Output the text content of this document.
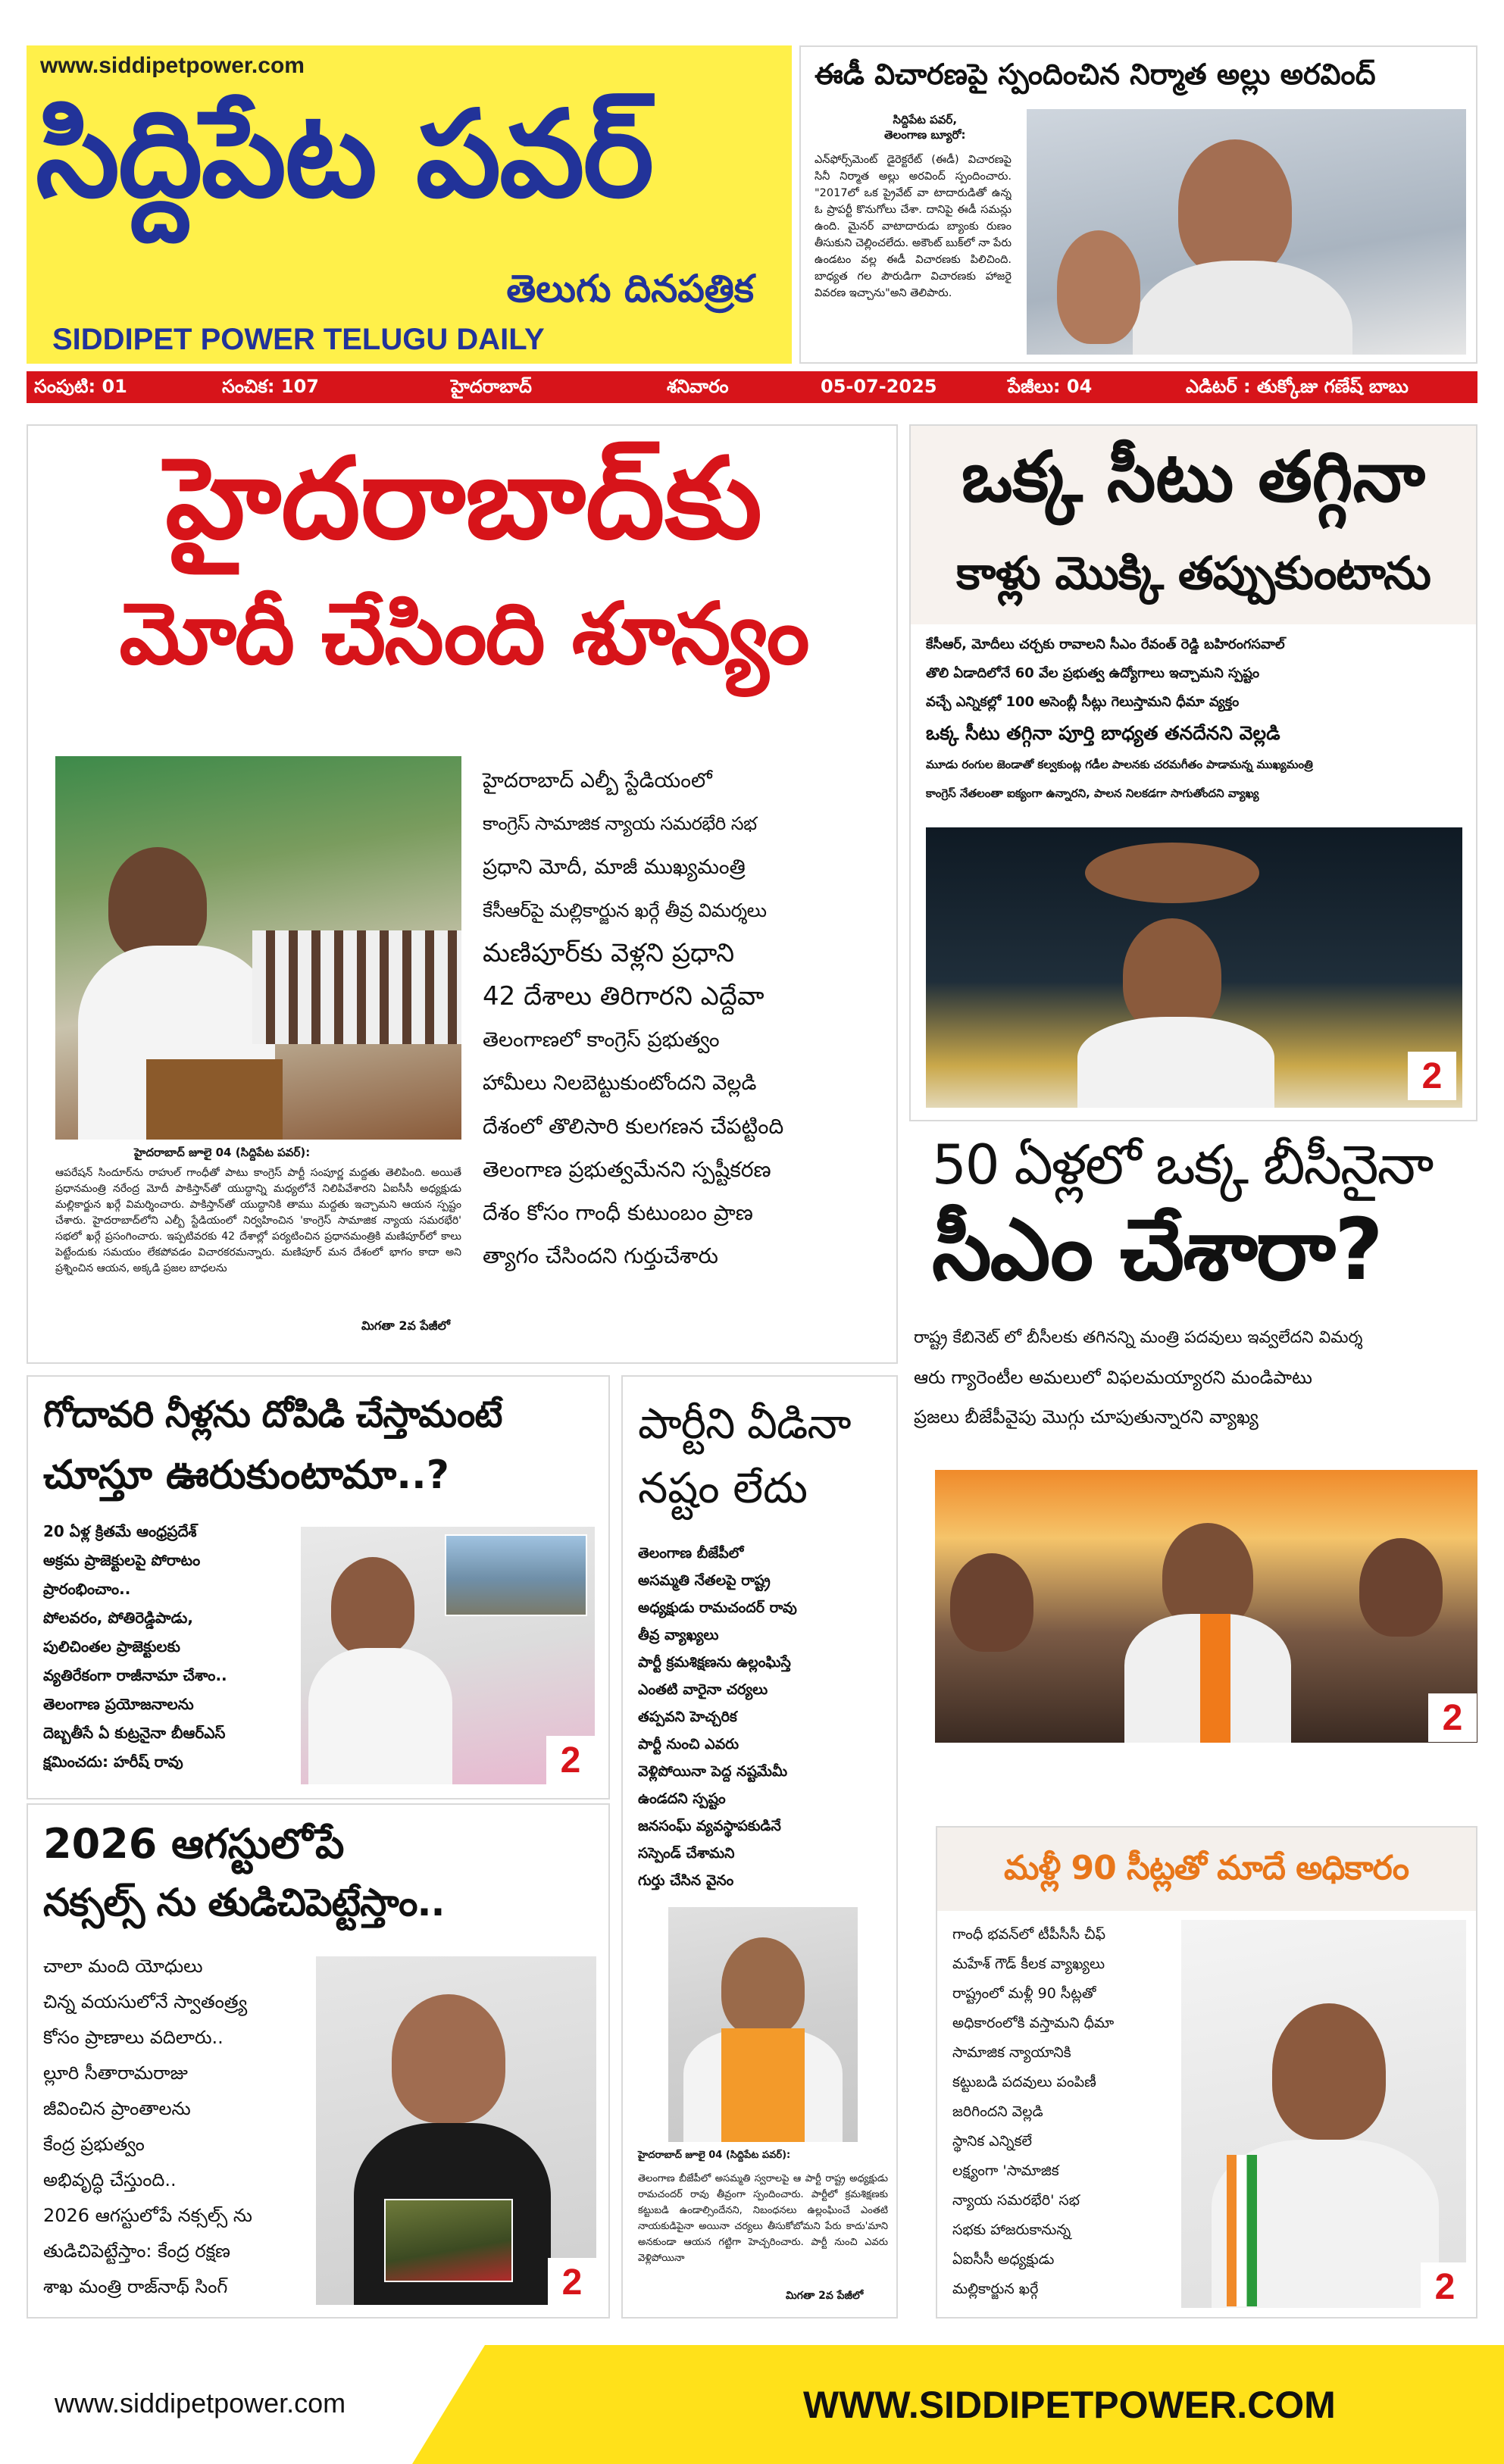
www.siddipetpower.com
సిద్దిపేట పవర్
తెలుగు దినపత్రిక
SIDDIPET POWER TELUGU DAILY
ఈడీ విచారణపై స్పందించిన నిర్మాత అల్లు అరవింద్
సిద్దిపేట పవర్,
తెలంగాణ బ్యూరో:
ఎన్‌ఫోర్స్‌మెంట్ డైరెక్టరేట్ (ఈడీ) విచారణపై సినీ నిర్మాత అల్లు అరవింద్ స్పందించారు. "2017లో ఒక ప్రైవేట్ వా టాదారుడితో ఉన్న ఓ ప్రాపర్టీ కొనుగోలు చేశా. దానిపై ఈడీ సమన్లు ఉంది. మైనర్ వాటాదారుడు బ్యాంకు రుణం తీసుకుని చెల్లించలేదు. అకౌంట్ బుక్‌లో నా పేరు ఉండటం వల్ల ఈడీ విచారణకు పిలిచింది. బాధ్యత గల పౌరుడిగా విచారణకు హాజరై వివరణ ఇచ్చాను"అని తెలిపారు.
సంపుటి: 01	సంచిక: 107	హైదరాబాద్	శనివారం	05-07-2025	పేజీలు: 04	ఎడిటర్ : తుక్కోజు గణేష్ బాబు
హైదరాబాద్‌కు
మోదీ చేసింది శూన్యం
హైదరాబాద్ ఎల్బీ స్టేడియంలో
కాంగ్రెస్ సామాజిక న్యాయ సమరభేరి సభ
ప్రధాని మోదీ, మాజీ ముఖ్యమంత్రి
కేసీఆర్‌పై మల్లికార్జున ఖర్గే తీవ్ర విమర్శలు
మణిపూర్‌కు వెళ్లని ప్రధాని
42 దేశాలు తిరిగారని ఎద్దేవా
తెలంగాణలో కాంగ్రెస్ ప్రభుత్వం
హామీలు నిలబెట్టుకుంటోందని వెల్లడి
దేశంలో తొలిసారి కులగణన చేపట్టింది
తెలంగాణ ప్రభుత్వమేనని స్పష్టీకరణ
దేశం కోసం గాంధీ కుటుంబం ప్రాణ
త్యాగం చేసిందని గుర్తుచేశారు
హైదరాబాద్ జూలై 04 (సిద్దిపేట పవర్):
ఆపరేషన్ సిందూర్‌ను రాహుల్ గాంధీతో పాటు కాంగ్రెస్ పార్టీ సంపూర్ణ మద్దతు తెలిపింది. అయితే ప్రధానమంత్రి నరేంద్ర మోదీ పాకిస్తాన్‌తో యుద్ధాన్ని మధ్యలోనే నిలిపివేశారని ఏఐసీసీ అధ్యక్షుడు మల్లికార్జున ఖర్గే విమర్శించారు. పాకిస్తాన్‌తో యుద్ధానికి తాము మద్దతు ఇచ్చామని ఆయన స్పష్టం చేశారు. హైదరాబాద్‌లోని ఎల్బీ స్టేడియంలో నిర్వహించిన 'కాంగ్రెస్ సామాజిక న్యాయ సమరభేరి' సభలో ఖర్గే ప్రసంగించారు. ఇప్పటివరకు 42 దేశాల్లో పర్యటించిన ప్రధానమంత్రికి మణిపూర్‌లో కాలు పెట్టేందుకు సమయం లేకపోవడం విచారకరమన్నారు. మణిపూర్ మన దేశంలో భాగం కాదా అని ప్రశ్నించిన ఆయన, అక్కడి ప్రజల బాధలను
మిగతా 2వ పేజీలో
ఒక్క సీటు తగ్గినా
కాళ్లు మొక్కి తప్పుకుంటాను
కేసీఆర్, మోదీలు చర్చకు రావాలని సీఎం రేవంత్ రెడ్డి బహిరంగసవాల్
తొలి ఏడాదిలోనే 60 వేల ప్రభుత్వ ఉద్యోగాలు ఇచ్చామని స్పష్టం
వచ్చే ఎన్నికల్లో 100 అసెంబ్లీ సీట్లు గెలుస్తామని ధీమా వ్యక్తం
ఒక్క సీటు తగ్గినా పూర్తి బాధ్యత తనదేనని వెల్లడి
మూడు రంగుల జెండాతో కల్వకుంట్ల గడీల పాలనకు చరమగీతం పాడామన్న ముఖ్యమంత్రి
కాంగ్రెస్ నేతలంతా ఐక్యంగా ఉన్నారని, పాలన నిలకడగా సాగుతోందని వ్యాఖ్య
2
50 ఏళ్లలో ఒక్క బీసీనైనా
సీఎం చేశారా?
రాష్ట్ర కేబినెట్ లో బీసీలకు తగినన్ని మంత్రి పదవులు ఇవ్వలేదని విమర్శ
ఆరు గ్యారెంటీల అమలులో విఫలమయ్యారని మండిపాటు
ప్రజలు బీజేపీవైపు మొగ్గు చూపుతున్నారని వ్యాఖ్య
2
గోదావరి నీళ్లను దోపిడి చేస్తామంటే
చూస్తూ ఊరుకుంటామా..?
20 ఏళ్ల క్రితమే ఆంధ్రప్రదేశ్
అక్రమ ప్రాజెక్టులపై పోరాటం
ప్రారంభించాం..
పోలవరం, పోతిరెడ్డిపాడు,
పులిచింతల ప్రాజెక్టులకు
వ్యతిరేకంగా రాజీనామా చేశాం..
తెలంగాణ ప్రయోజనాలను
దెబ్బతీసే ఏ కుట్రనైనా బీఆర్ఎస్
క్షమించదు: హరీష్ రావు	2
2026 ఆగస్టులోపే
నక్సల్స్ ను తుడిచిపెట్టేస్తాం..
చాలా మంది యోధులు
చిన్న వయసులోనే స్వాతంత్ర్య
కోసం ప్రాణాలు వదిలారు..
ల్లూరి సీతారామరాజు
జీవించిన ప్రాంతాలను
కేంద్ర ప్రభుత్వం
అభివృద్ధి చేస్తుంది..
2026 ఆగస్టులోపే నక్సల్స్ ను
తుడిచిపెట్టేస్తాం: కేంద్ర రక్షణ
శాఖ మంత్రి రాజ్‌నాథ్ సింగ్	2
పార్టీని వీడినా
నష్టం లేదు
తెలంగాణ బీజేపీలో
అసమ్మతి నేతలపై రాష్ట్ర
అధ్యక్షుడు రామచందర్ రావు
తీవ్ర వ్యాఖ్యలు
పార్టీ క్రమశిక్షణను ఉల్లంఘిస్తే
ఎంతటి వారైనా చర్యలు
తప్పవని హెచ్చరిక
పార్టీ నుంచి ఎవరు
వెళ్లిపోయినా పెద్ద నష్టమేమీ
ఉండదని స్పష్టం
జనసంఘ్ వ్యవస్థాపకుడినే
సస్పెండ్ చేశామని
గుర్తు చేసిన వైనం
హైదరాబాద్ జూలై 04 (సిద్దిపేట పవర్):
తెలంగాణ బీజేపీలో అసమ్మతి స్వరాలపై ఆ పార్టీ రాష్ట్ర అధ్యక్షుడు రామచందర్ రావు తీవ్రంగా స్పందించారు. పార్టీలో క్రమశిక్షణకు కట్టుబడి ఉండాల్సిందేనని, నిబంధనలు ఉల్లంఘించే ఎంతటి నాయకుడిపైనా అయినా చర్యలు తీసుకోబోమని పేరు కాదు'మాని అనకుండా ఆయన గట్టిగా హెచ్చరించారు. పార్టీ నుంచి ఎవరు వెళ్లిపోయినా
మిగతా 2వ పేజీలో
మళ్లీ 90 సీట్లతో మాదే అధికారం
గాంధీ భవన్‌లో టీపీసీసీ చీఫ్
మహేశ్ గౌడ్ కీలక వ్యాఖ్యలు
రాష్ట్రంలో మళ్లీ 90 సీట్లతో
అధికారంలోకి వస్తామని ధీమా
సామాజిక న్యాయానికి
కట్టుబడి పదవులు పంపిణీ
జరిగిందని వెల్లడి
స్థానిక ఎన్నికలే
లక్ష్యంగా 'సామాజిక
న్యాయ సమరభేరి' సభ
సభకు హాజరుకానున్న
ఏఐసీసీ అధ్యక్షుడు
మల్లికార్జున ఖర్గే	2
www.siddipetpower.com	WWW.SIDDIPETPOWER.COM
